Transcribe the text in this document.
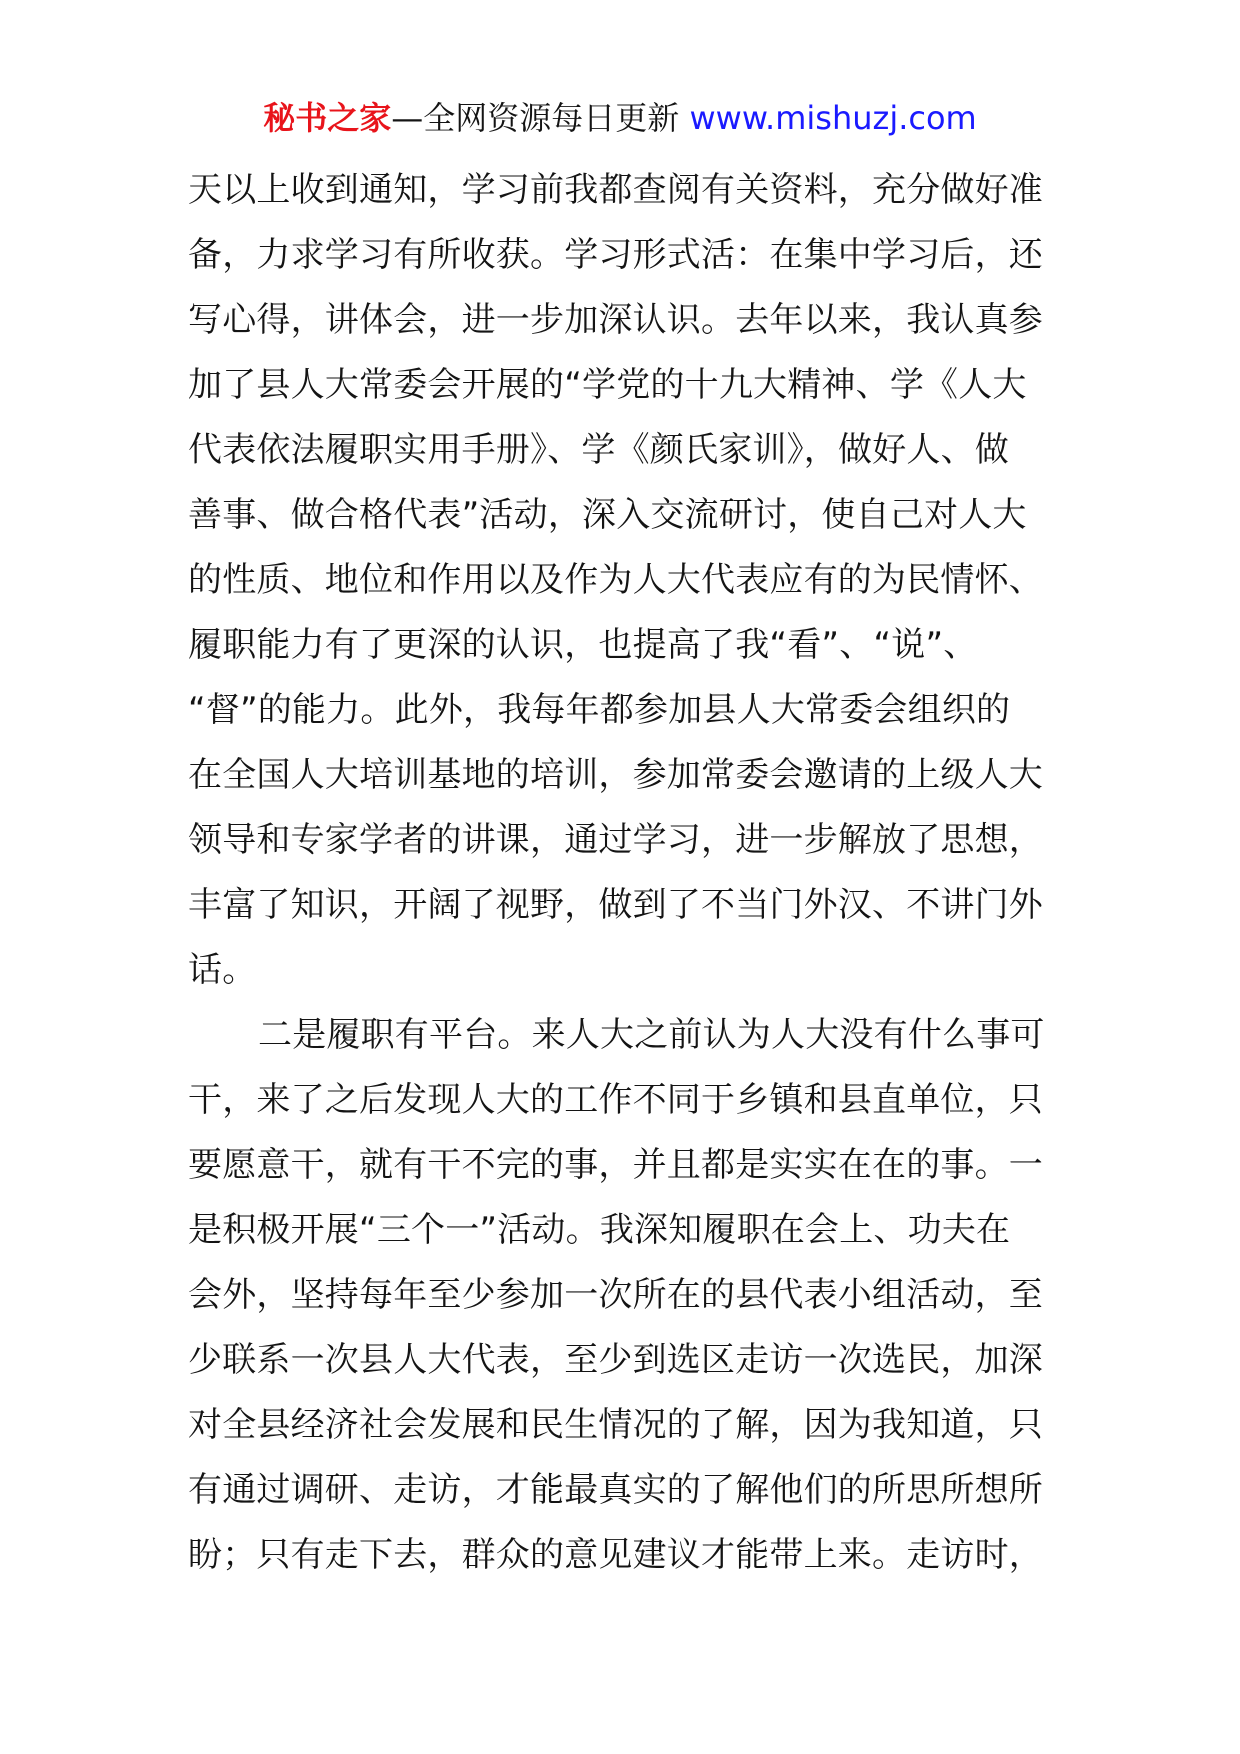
秘书之家—全网资源每日更新 www.mishuzj.com
天以上收到通知，学习前我都查阅有关资料，充分做好准
备，力求学习有所收获。学习形式活：在集中学习后，还
写心得，讲体会，进一步加深认识。去年以来，我认真参
加了县人大常委会开展的“学党的十九大精神、学《人大
代表依法履职实用手册》、学《颜氏家训》，做好人、做
善事、做合格代表”活动，深入交流研讨，使自己对人大
的性质、地位和作用以及作为人大代表应有的为民情怀、
履职能力有了更深的认识，也提高了我“看”、“说”、
“督”的能力。此外，我每年都参加县人大常委会组织的
在全国人大培训基地的培训，参加常委会邀请的上级人大
领导和专家学者的讲课，通过学习，进一步解放了思想，
丰富了知识，开阔了视野，做到了不当门外汉、不讲门外
话。
二是履职有平台。来人大之前认为人大没有什么事可
干，来了之后发现人大的工作不同于乡镇和县直单位，只
要愿意干，就有干不完的事，并且都是实实在在的事。一
是积极开展“三个一”活动。我深知履职在会上、功夫在
会外，坚持每年至少参加一次所在的县代表小组活动，至
少联系一次县人大代表，至少到选区走访一次选民，加深
对全县经济社会发展和民生情况的了解，因为我知道，只
有通过调研、走访，才能最真实的了解他们的所思所想所
盼；只有走下去，群众的意见建议才能带上来。走访时，
